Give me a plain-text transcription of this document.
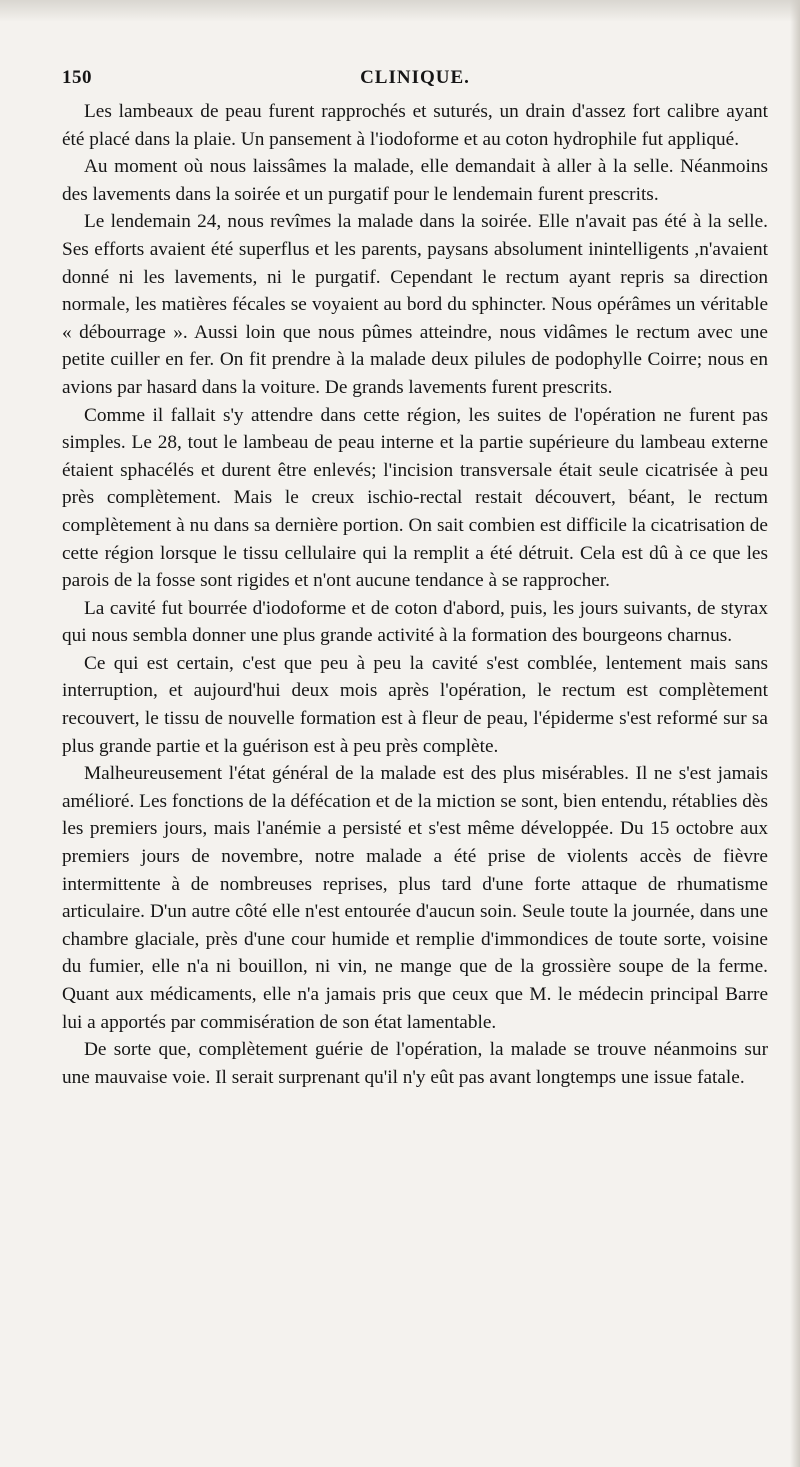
150	CLINIQUE.

Les lambeaux de peau furent rapprochés et suturés, un drain d'assez fort calibre ayant été placé dans la plaie. Un pansement à l'iodoforme et au coton hydrophile fut appliqué.

Au moment où nous laissâmes la malade, elle demandait à aller à la selle. Néanmoins des lavements dans la soirée et un purgatif pour le lendemain furent prescrits.

Le lendemain 24, nous revîmes la malade dans la soirée. Elle n'avait pas été à la selle. Ses efforts avaient été superflus et les parents, paysans absolument inintelligents ,n'avaient donné ni les lavements, ni le purgatif. Cependant le rectum ayant repris sa direction normale, les matières fécales se voyaient au bord du sphincter. Nous opérâmes un véritable « débourrage ». Aussi loin que nous pûmes atteindre, nous vidâmes le rectum avec une petite cuiller en fer. On fit prendre à la malade deux pilules de podophylle Coirre; nous en avions par hasard dans la voiture. De grands lavements furent prescrits.

Comme il fallait s'y attendre dans cette région, les suites de l'opération ne furent pas simples. Le 28, tout le lambeau de peau interne et la partie supérieure du lambeau externe étaient sphacélés et durent être enlevés; l'incision transversale était seule cicatrisée à peu près complètement. Mais le creux ischio-rectal restait découvert, béant, le rectum complètement à nu dans sa dernière portion. On sait combien est difficile la cicatrisation de cette région lorsque le tissu cellulaire qui la remplit a été détruit. Cela est dû à ce que les parois de la fosse sont rigides et n'ont aucune tendance à se rapprocher.

La cavité fut bourrée d'iodoforme et de coton d'abord, puis, les jours suivants, de styrax qui nous sembla donner une plus grande activité à la formation des bourgeons charnus.

Ce qui est certain, c'est que peu à peu la cavité s'est comblée, lentement mais sans interruption, et aujourd'hui deux mois après l'opération, le rectum est complètement recouvert, le tissu de nouvelle formation est à fleur de peau, l'épiderme s'est reformé sur sa plus grande partie et la guérison est à peu près complète.

Malheureusement l'état général de la malade est des plus misérables. Il ne s'est jamais amélioré. Les fonctions de la défécation et de la miction se sont, bien entendu, rétablies dès les premiers jours, mais l'anémie a persisté et s'est même développée. Du 15 octobre aux premiers jours de novembre, notre malade a été prise de violents accès de fièvre intermittente à de nombreuses reprises, plus tard d'une forte attaque de rhumatisme articulaire. D'un autre côté elle n'est entourée d'aucun soin. Seule toute la journée, dans une chambre glaciale, près d'une cour humide et remplie d'immondices de toute sorte, voisine du fumier, elle n'a ni bouillon, ni vin, ne mange que de la grossière soupe de la ferme. Quant aux médicaments, elle n'a jamais pris que ceux que M. le médecin principal Barre lui a apportés par commisération de son état lamentable.

De sorte que, complètement guérie de l'opération, la malade se trouve néanmoins sur une mauvaise voie. Il serait surprenant qu'il n'y eût pas avant longtemps une issue fatale.
